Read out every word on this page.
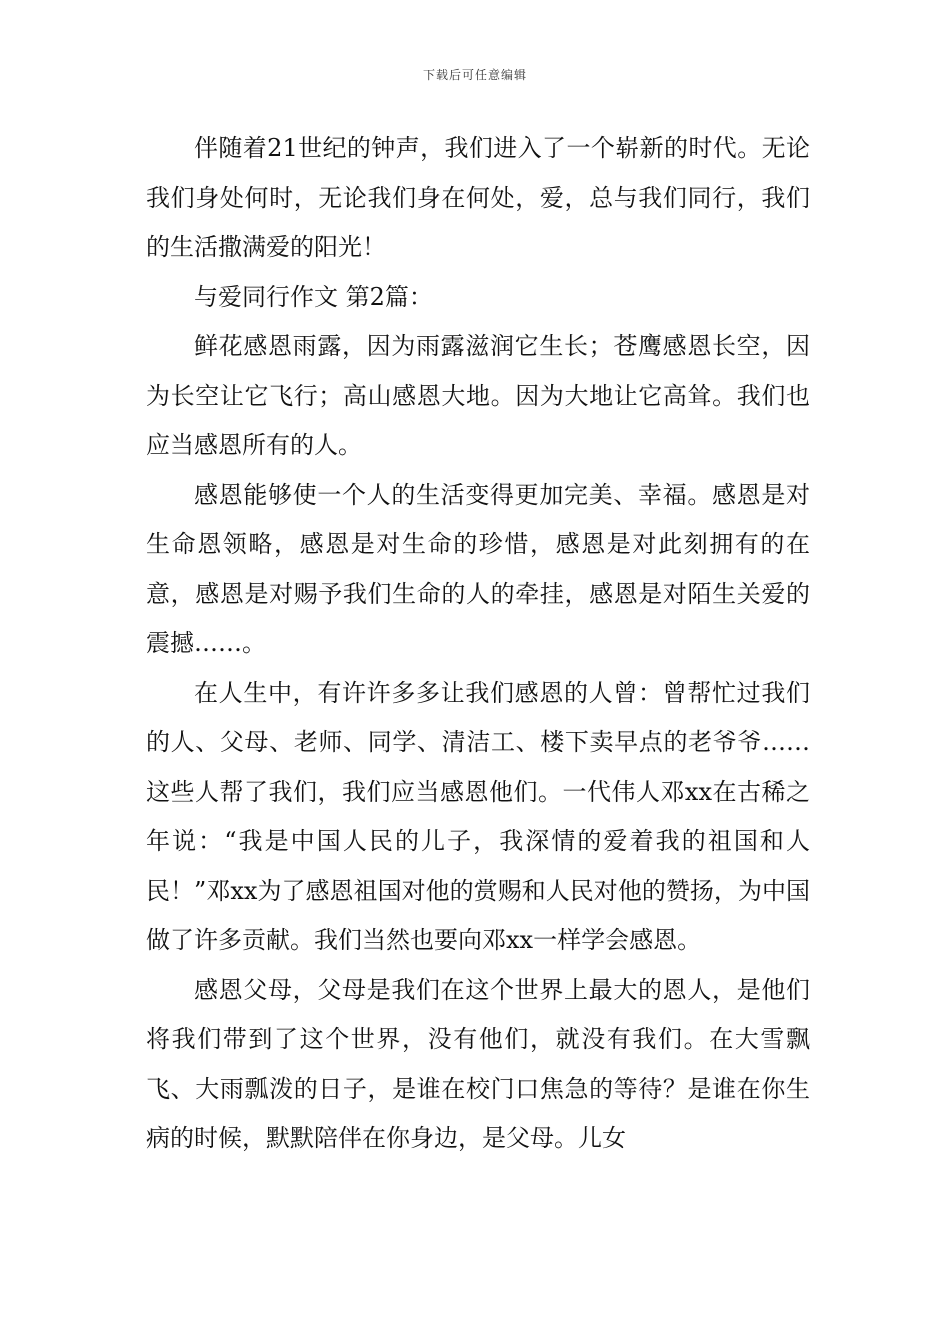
下载后可任意编辑

伴随着21世纪的钟声，我们进入了一个崭新的时代。无论我们身处何时，无论我们身在何处，爱，总与我们同行，我们的生活撒满爱的阳光！

与爱同行作文 第2篇：

鲜花感恩雨露，因为雨露滋润它生长；苍鹰感恩长空，因为长空让它飞行；高山感恩大地。因为大地让它高耸。我们也应当感恩所有的人。

感恩能够使一个人的生活变得更加完美、幸福。感恩是对生命恩领略，感恩是对生命的珍惜，感恩是对此刻拥有的在意，感恩是对赐予我们生命的人的牵挂，感恩是对陌生关爱的震撼……。

在人生中，有许许多多让我们感恩的人曾：曾帮忙过我们的人、父母、老师、同学、清洁工、楼下卖早点的老爷爷……这些人帮了我们，我们应当感恩他们。一代伟人邓xx在古稀之年说：“我是中国人民的儿子，我深情的爱着我的祖国和人民！”邓xx为了感恩祖国对他的赏赐和人民对他的赞扬，为中国做了许多贡献。我们当然也要向邓xx一样学会感恩。

感恩父母，父母是我们在这个世界上最大的恩人，是他们将我们带到了这个世界，没有他们，就没有我们。在大雪飘飞、大雨瓢泼的日子，是谁在校门口焦急的等待？是谁在你生病的时候，默默陪伴在你身边，是父母。儿女
